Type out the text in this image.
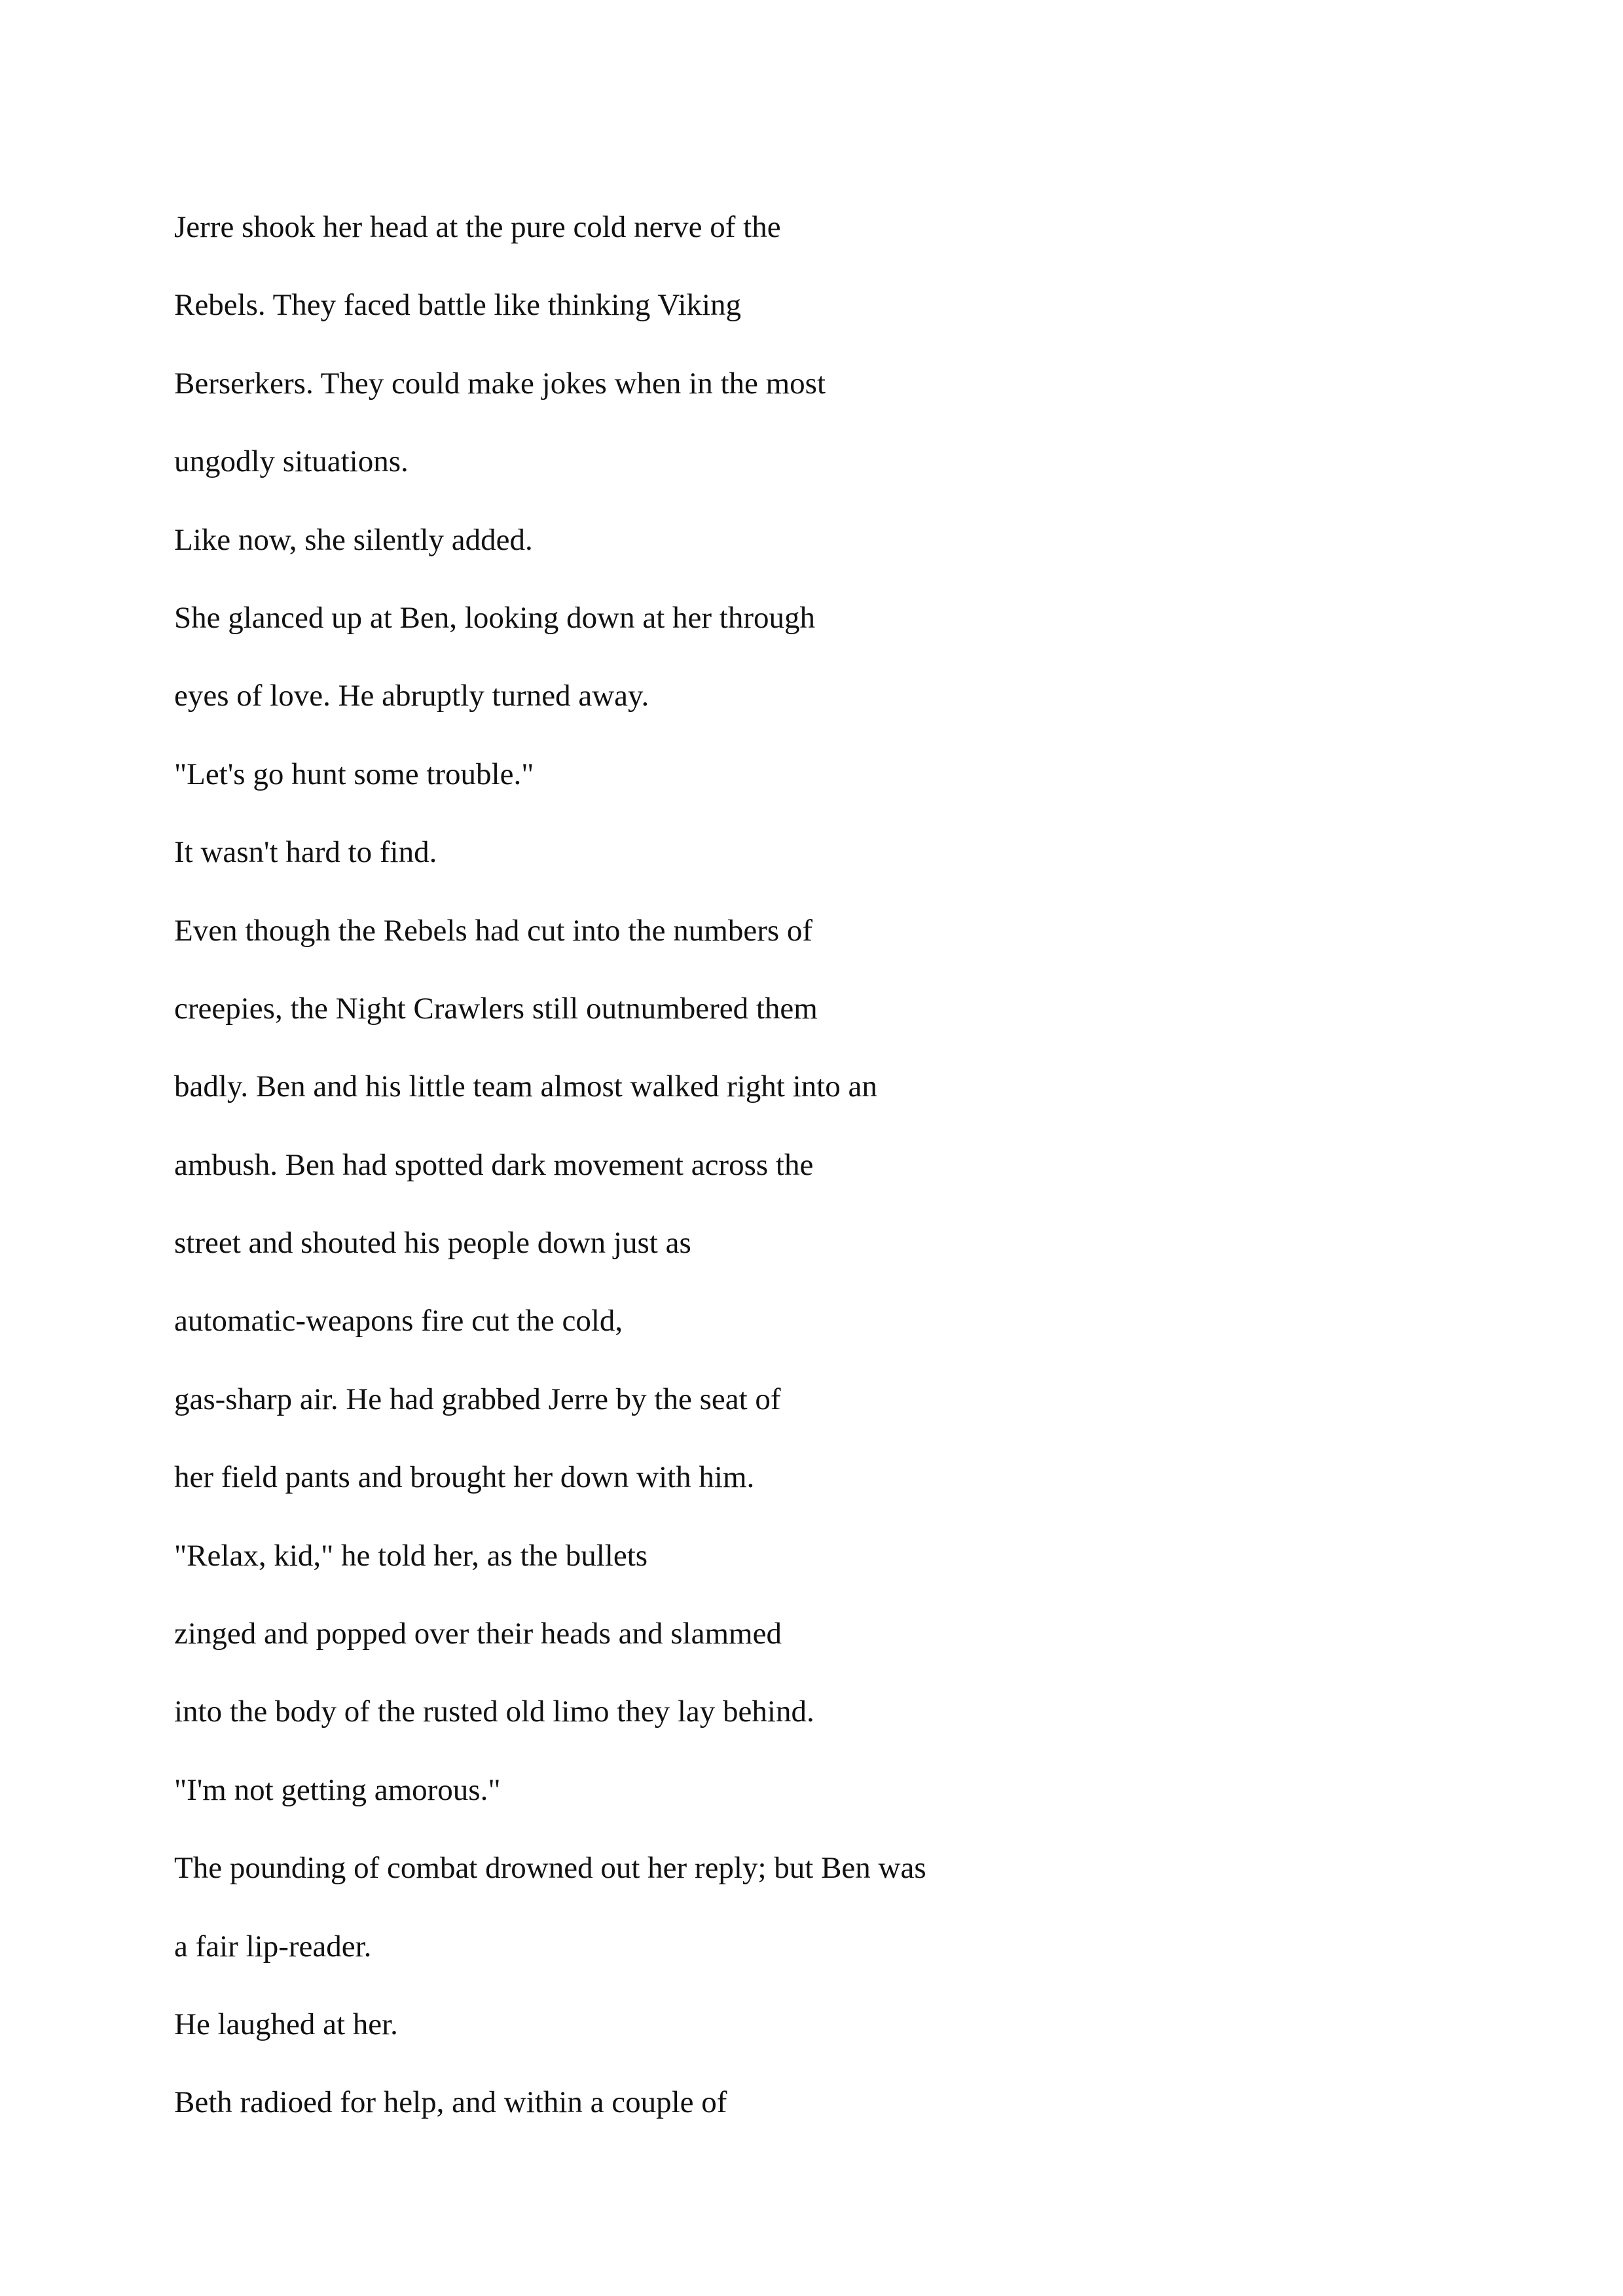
Jerre shook her head at the pure cold nerve of the

Rebels. They faced battle like thinking Viking

Berserkers. They could make jokes when in the most

ungodly situations.

Like now, she silently added.

She glanced up at Ben, looking down at her through

eyes of love. He abruptly turned away.

"Let's go hunt some trouble."

It wasn't hard to find.

Even though the Rebels had cut into the numbers of

creepies, the Night Crawlers still outnumbered them

badly. Ben and his little team almost walked right into an

ambush. Ben had spotted dark movement across the

street and shouted his people down just as

automatic-weapons fire cut the cold,

gas-sharp air. He had grabbed Jerre by the seat of

her field pants and brought her down with him.

"Relax, kid," he told her, as the bullets

zinged and popped over their heads and slammed

into the body of the rusted old limo they lay behind.

"I'm not getting amorous."

The pounding of combat drowned out her reply; but Ben was

a fair lip-reader.

He laughed at her.

Beth radioed for help, and within a couple of
